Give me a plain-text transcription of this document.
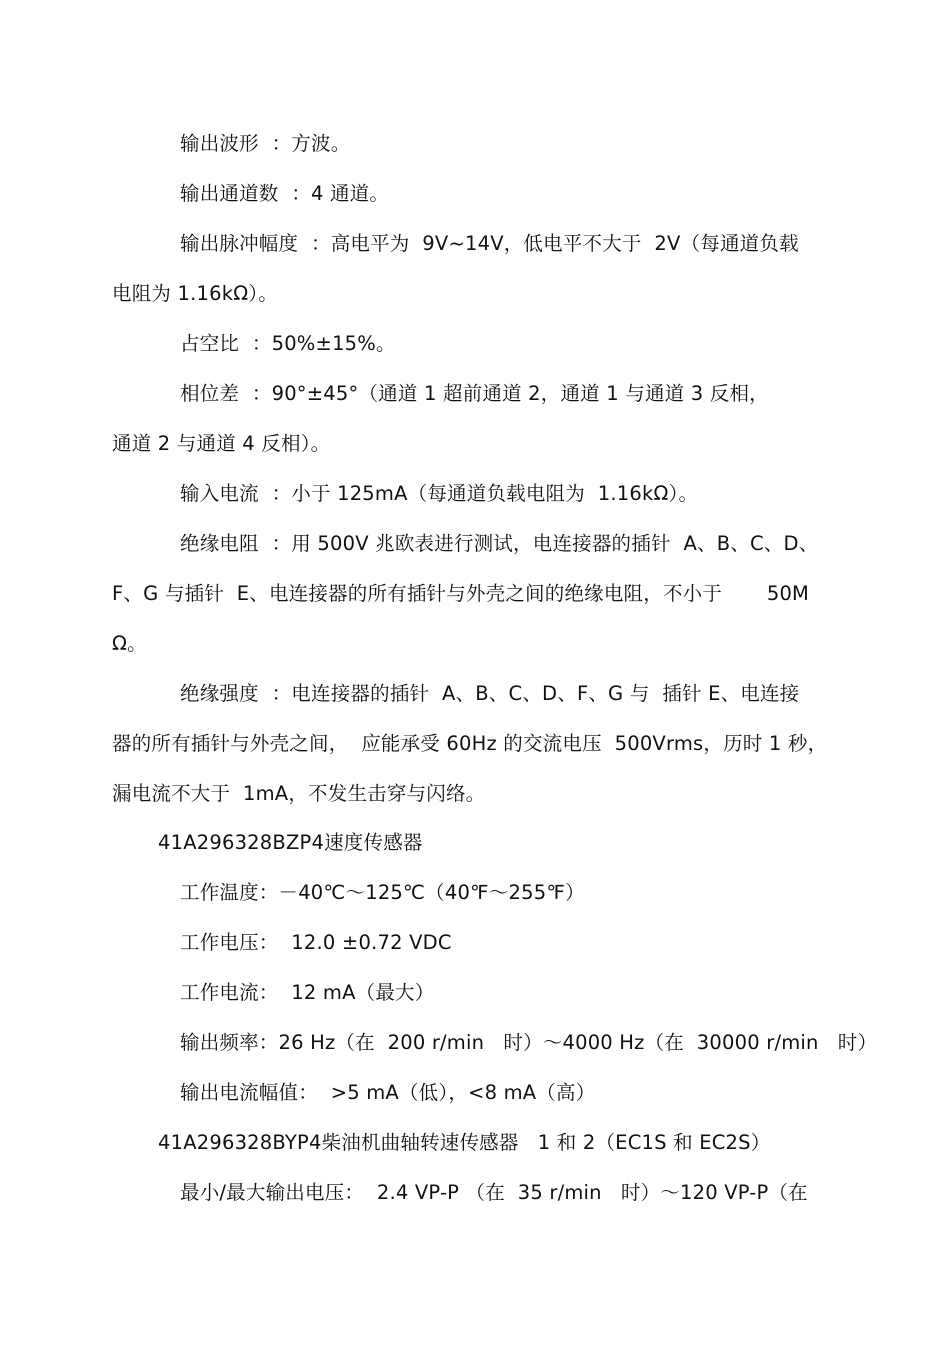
输出波形  ：方波。
输出通道数  ：4 通道。
输出脉冲幅度  ：高电平为  9V~14V，低电平不大于  2V（每通道负载
电阻为 1.16kΩ）。
占空比  ：50%±15%。
相位差  ：90°±45°（通道 1 超前通道 2，通道 1 与通道 3 反相，
通道 2 与通道 4 反相）。
输入电流  ：小于 125mA（每通道负载电阻为  1.16kΩ）。
绝缘电阻  ：用 500V 兆欧表进行测试，电连接器的插针  A、B、C、D、
F、G 与插针  E、电连接器的所有插针与外壳之间的绝缘电阻，不小于       50M
Ω。
绝缘强度  ：电连接器的插针  A、B、C、D、F、G 与  插针 E、电连接
器的所有插针与外壳之间，  应能承受 60Hz 的交流电压  500Vrms，历时 1 秒，
漏电流不大于  1mA，不发生击穿与闪络。
41A296328BZP4速度传感器
工作温度：－40℃～125℃（40℉～255℉）
工作电压：  12.0 ±0.72 VDC
工作电流：  12 mA（最大）
输出频率：26 Hz（在  200 r/min   时）～4000 Hz（在  30000 r/min   时）
输出电流幅值：  >5 mA（低），<8 mA（高）
41A296328BYP4柴油机曲轴转速传感器   1 和 2（EC1S 和 EC2S）
最小/最大输出电压：  2.4 VP-P （在  35 r/min   时）～120 VP-P（在
